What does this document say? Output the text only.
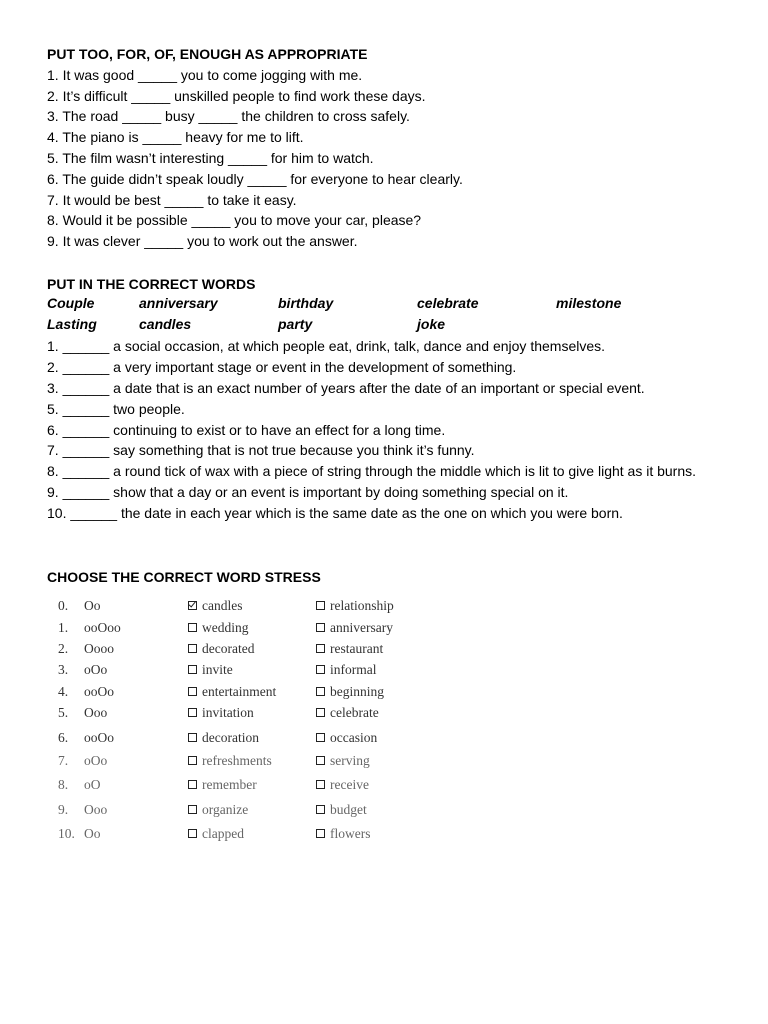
PUT TOO, FOR, OF, ENOUGH AS APPROPRIATE
1. It was good _____ you to come jogging with me.
2. It’s difficult _____ unskilled people to find work these days.
3. The road _____ busy _____ the children to cross safely.
4. The piano is _____ heavy for me to lift.
5. The film wasn’t interesting _____ for him to watch.
6. The guide didn’t speak loudly _____ for everyone to hear clearly.
7. It would be best _____ to take it easy.
8. Would it be possible _____ you to move your car, please?
9. It was clever _____ you to work out the answer.
PUT IN THE CORRECT WORDS
Couple	anniversary	birthday	celebrate	milestone
Lasting	candles	party	joke
1. ______ a social occasion, at which people eat, drink, talk, dance and enjoy themselves.
2. ______ a very important stage or event in the development of something.
3. ______ a date that is an exact number of years after the date of an important or special event.
5. ______ two people.
6. ______ continuing to exist or to have an effect for a long time.
7. ______ say something that is not true because you think it’s funny.
8. ______ a round tick of wax with a piece of string through the middle which is lit to give light as it burns.
9. ______ show that a day or an event is important by doing something special on it.
10. ______ the date in each year which is the same date as the one on which you were born.
CHOOSE THE CORRECT WORD STRESS
0. Oo	candles	relationship
1. ooOoo	wedding	anniversary
2. Oooo	decorated	restaurant
3. oOo	invite	informal
4. ooOo	entertainment	beginning
5. Ooo	invitation	celebrate
6. ooOo	decoration	occasion
7. oOo	refreshments	serving
8. oO	remember	receive
9. Ooo	organize	budget
10. Oo	clapped	flowers
